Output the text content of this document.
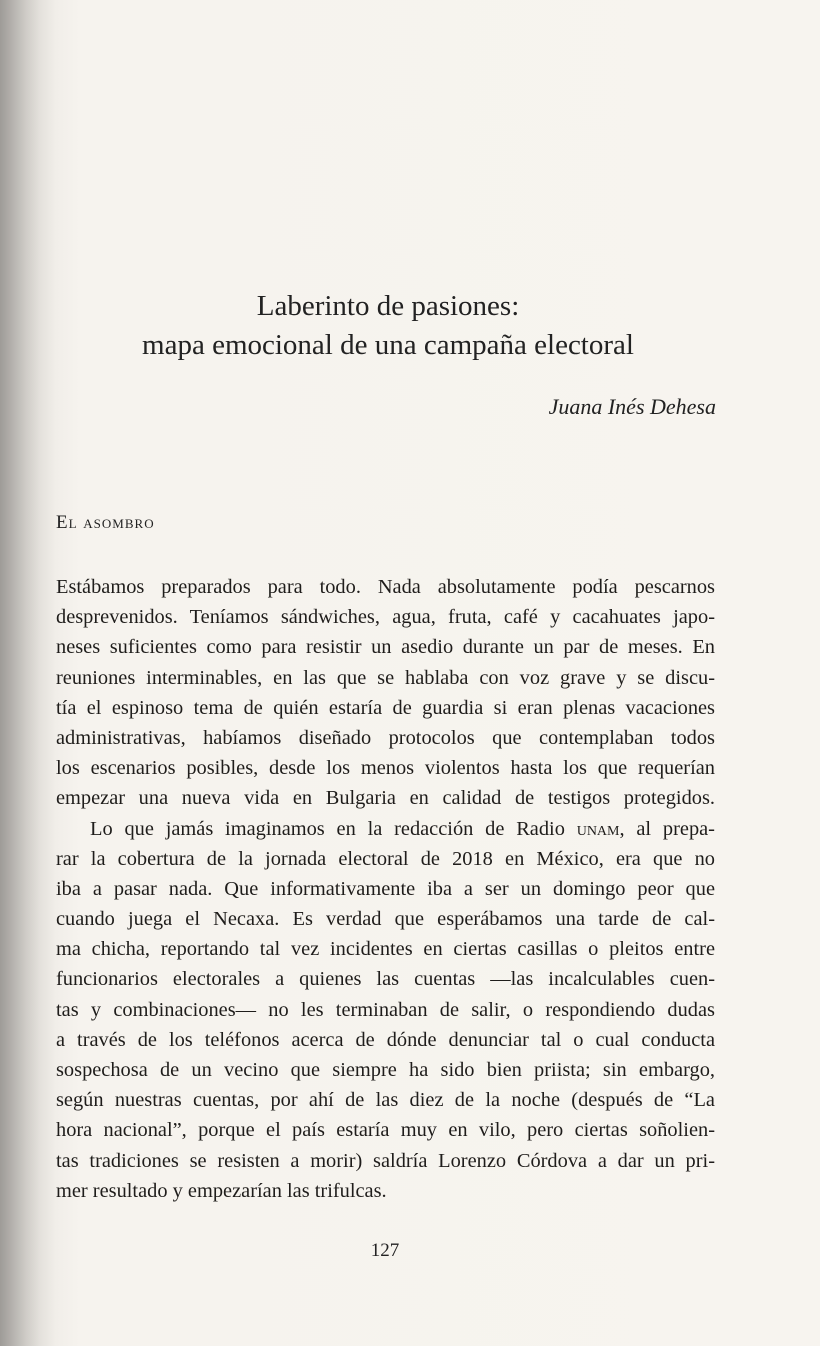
Laberinto de pasiones:
mapa emocional de una campaña electoral
Juana Inés Dehesa
El asombro
Estábamos preparados para todo. Nada absolutamente podía pescarnos
desprevenidos. Teníamos sándwiches, agua, fruta, café y cacahuates japo-
neses suficientes como para resistir un asedio durante un par de meses. En
reuniones interminables, en las que se hablaba con voz grave y se discu-
tía el espinoso tema de quién estaría de guardia si eran plenas vacaciones
administrativas, habíamos diseñado protocolos que contemplaban todos
los escenarios posibles, desde los menos violentos hasta los que requerían
empezar una nueva vida en Bulgaria en calidad de testigos protegidos.
Lo que jamás imaginamos en la redacción de Radio unam, al prepa-
rar la cobertura de la jornada electoral de 2018 en México, era que no
iba a pasar nada. Que informativamente iba a ser un domingo peor que
cuando juega el Necaxa. Es verdad que esperábamos una tarde de cal-
ma chicha, reportando tal vez incidentes en ciertas casillas o pleitos entre
funcionarios electorales a quienes las cuentas —las incalculables cuen-
tas y combinaciones— no les terminaban de salir, o respondiendo dudas
a través de los teléfonos acerca de dónde denunciar tal o cual conducta
sospechosa de un vecino que siempre ha sido bien priista; sin embargo,
según nuestras cuentas, por ahí de las diez de la noche (después de “La
hora nacional”, porque el país estaría muy en vilo, pero ciertas soñolien-
tas tradiciones se resisten a morir) saldría Lorenzo Córdova a dar un pri-
mer resultado y empezarían las trifulcas.
127
